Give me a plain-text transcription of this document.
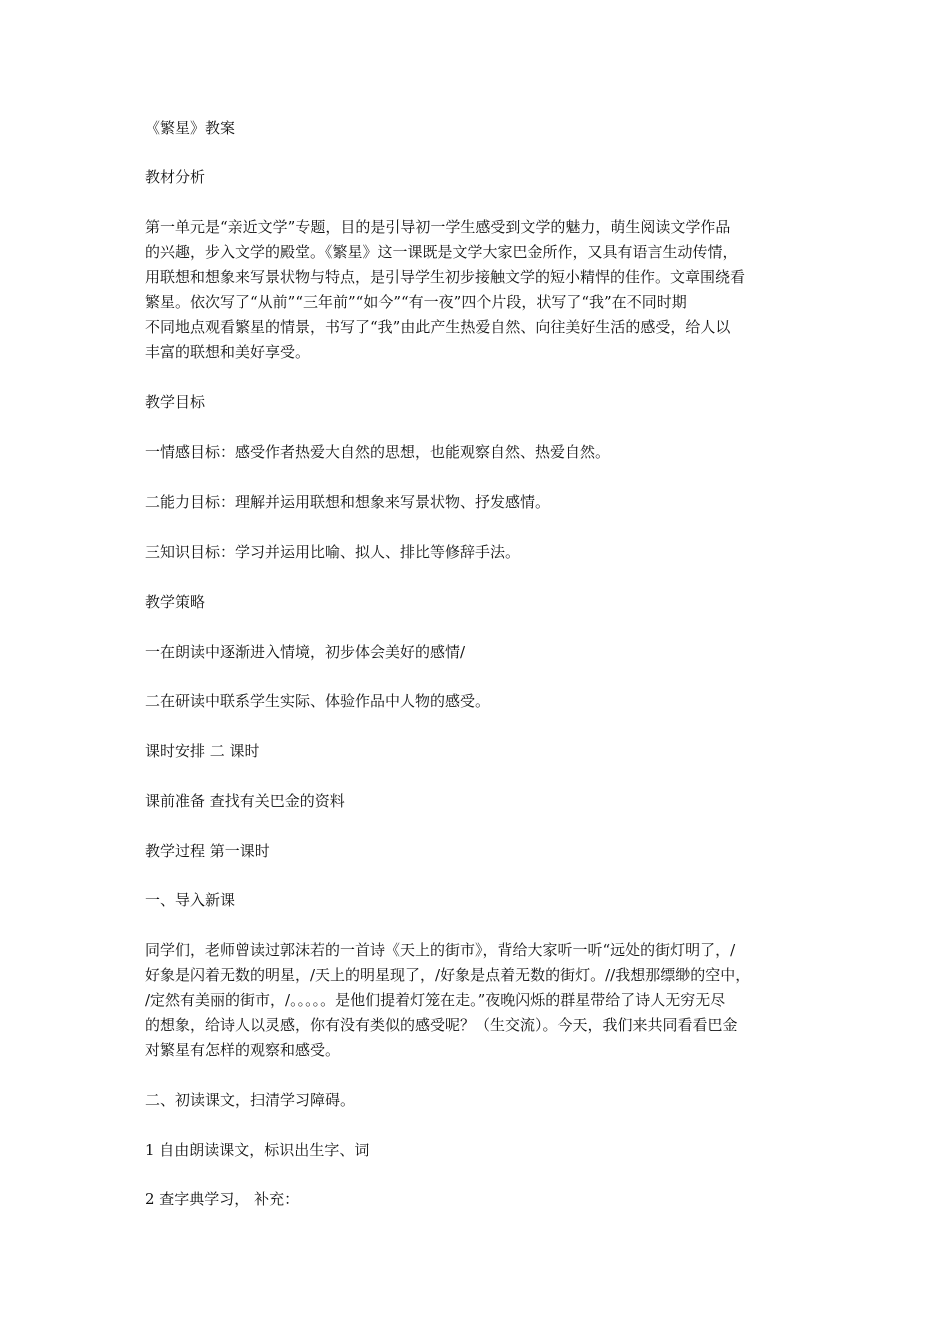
《繁星》教案

教材分析

第一单元是“亲近文学”专题，目的是引导初一学生感受到文学的魅力，萌生阅读文学作品
的兴趣，步入文学的殿堂。《繁星》这一课既是文学大家巴金所作，又具有语言生动传情，
用联想和想象来写景状物与特点，是引导学生初步接触文学的短小精悍的佳作。文章围绕看
繁星。依次写了“从前”“三年前”“如今”“有一夜”四个片段，状写了“我”在不同时期
不同地点观看繁星的情景，书写了“我”由此产生热爱自然、向往美好生活的感受，给人以
丰富的联想和美好享受。

教学目标

一情感目标：感受作者热爱大自然的思想，也能观察自然、热爱自然。

二能力目标：理解并运用联想和想象来写景状物、抒发感情。

三知识目标：学习并运用比喻、拟人、排比等修辞手法。

教学策略

一在朗读中逐渐进入情境，初步体会美好的感情/

二在研读中联系学生实际、体验作品中人物的感受。

课时安排 二 课时

课前准备 查找有关巴金的资料

教学过程 第一课时

一、导入新课

同学们，老师曾读过郭沫若的一首诗《天上的街市》，背给大家听一听“远处的街灯明了，/
好象是闪着无数的明星，/天上的明星现了，/好象是点着无数的街灯。//我想那缥缈的空中，
/定然有美丽的街市，/。。。。。是他们提着灯笼在走。”夜晚闪烁的群星带给了诗人无穷无尽
的想象，给诗人以灵感，你有没有类似的感受呢？（生交流）。今天，我们来共同看看巴金
对繁星有怎样的观察和感受。

二、初读课文，扫清学习障碍。

1 自由朗读课文，标识出生字、词

2 查字典学习， 补充：
